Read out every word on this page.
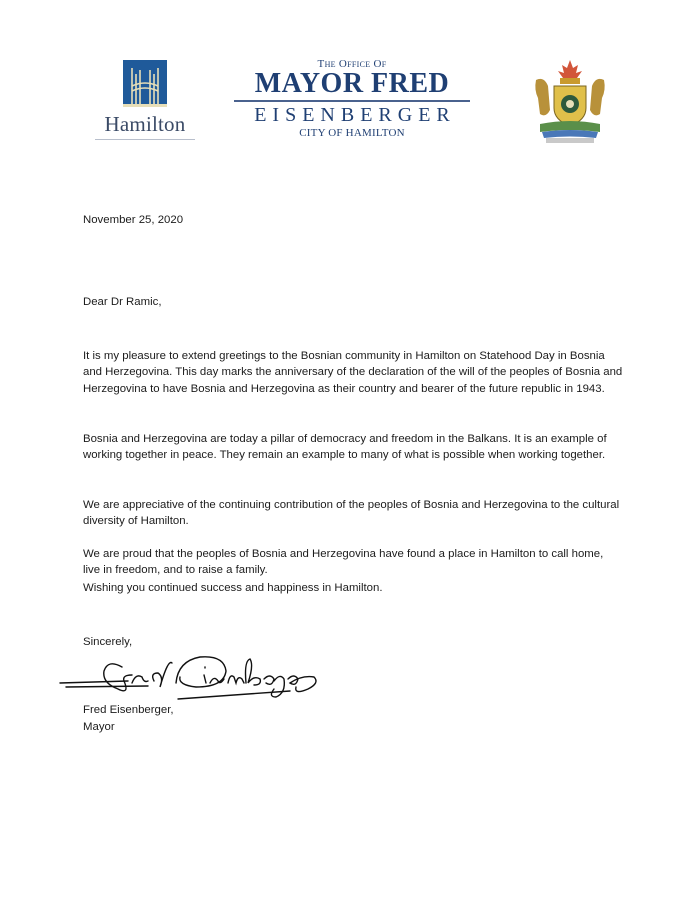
Hamilton
The Office Of
MAYOR FRED
EISENBERGER
CITY OF HAMILTON
November 25, 2020
Dear Dr Ramic,
It is my pleasure to extend greetings to the Bosnian community in Hamilton on Statehood Day in Bosnia and Herzegovina. This day marks the anniversary of the declaration of the will of the peoples of Bosnia and Herzegovina to have Bosnia and Herzegovina as their country and bearer of the future republic in 1943.
Bosnia and Herzegovina are today a pillar of democracy and freedom in the Balkans. It is an example of working together in peace. They remain an example to many of what is possible when working together.
We are appreciative of the continuing contribution of the peoples of Bosnia and Herzegovina to the cultural diversity of Hamilton.
We are proud that the peoples of Bosnia and Herzegovina have found a place in Hamilton to call home, live in freedom, and to raise a family.
Wishing you continued success and happiness in Hamilton.
Sincerely,
Fred Eisenberger,
Mayor
